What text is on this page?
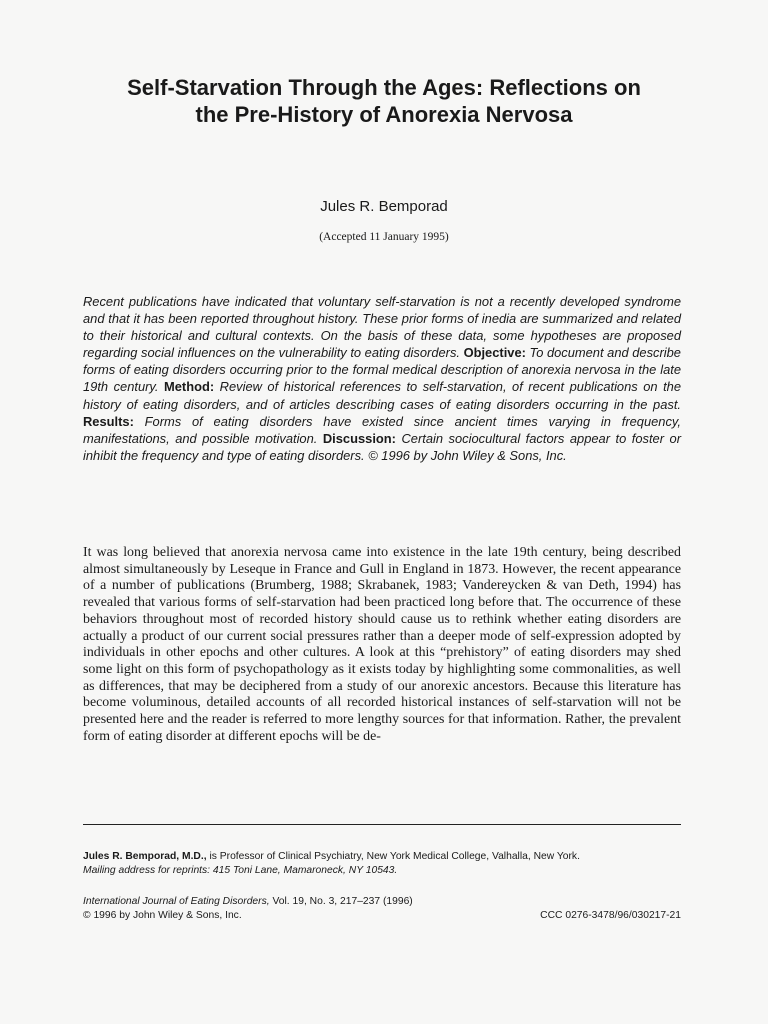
Self-Starvation Through the Ages: Reflections on
the Pre-History of Anorexia Nervosa
Jules R. Bemporad
(Accepted 11 January 1995)
Recent publications have indicated that voluntary self-starvation is not a recently developed syndrome and that it has been reported throughout history. These prior forms of inedia are summarized and related to their historical and cultural contexts. On the basis of these data, some hypotheses are proposed regarding social influences on the vulnerability to eating disorders. Objective: To document and describe forms of eating disorders occurring prior to the formal medical description of anorexia nervosa in the late 19th century. Method: Review of historical references to self-starvation, of recent publications on the history of eating disorders, and of articles describing cases of eating disorders occurring in the past. Results: Forms of eating disorders have existed since ancient times varying in frequency, manifestations, and possible motivation. Discussion: Certain sociocultural factors appear to foster or inhibit the frequency and type of eating disorders. © 1996 by John Wiley & Sons, Inc.
It was long believed that anorexia nervosa came into existence in the late 19th century, being described almost simultaneously by Leseque in France and Gull in England in 1873. However, the recent appearance of a number of publications (Brumberg, 1988; Skrabanek, 1983; Vandereycken & van Deth, 1994) has revealed that various forms of self-starvation had been practiced long before that. The occurrence of these behaviors throughout most of recorded history should cause us to rethink whether eating disorders are actually a product of our current social pressures rather than a deeper mode of self-expression adopted by individuals in other epochs and other cultures. A look at this “prehistory” of eating disorders may shed some light on this form of psychopathology as it exists today by highlighting some commonalities, as well as differences, that may be deciphered from a study of our anorexic ancestors. Because this literature has become voluminous, detailed accounts of all recorded historical instances of self-starvation will not be presented here and the reader is referred to more lengthy sources for that information. Rather, the prevalent form of eating disorder at different epochs will be de-
Jules R. Bemporad, M.D., is Professor of Clinical Psychiatry, New York Medical College, Valhalla, New York.
Mailing address for reprints: 415 Toni Lane, Mamaroneck, NY 10543.
International Journal of Eating Disorders, Vol. 19, No. 3, 217–237 (1996)
© 1996 by John Wiley & Sons, Inc.	CCC 0276-3478/96/030217-21
